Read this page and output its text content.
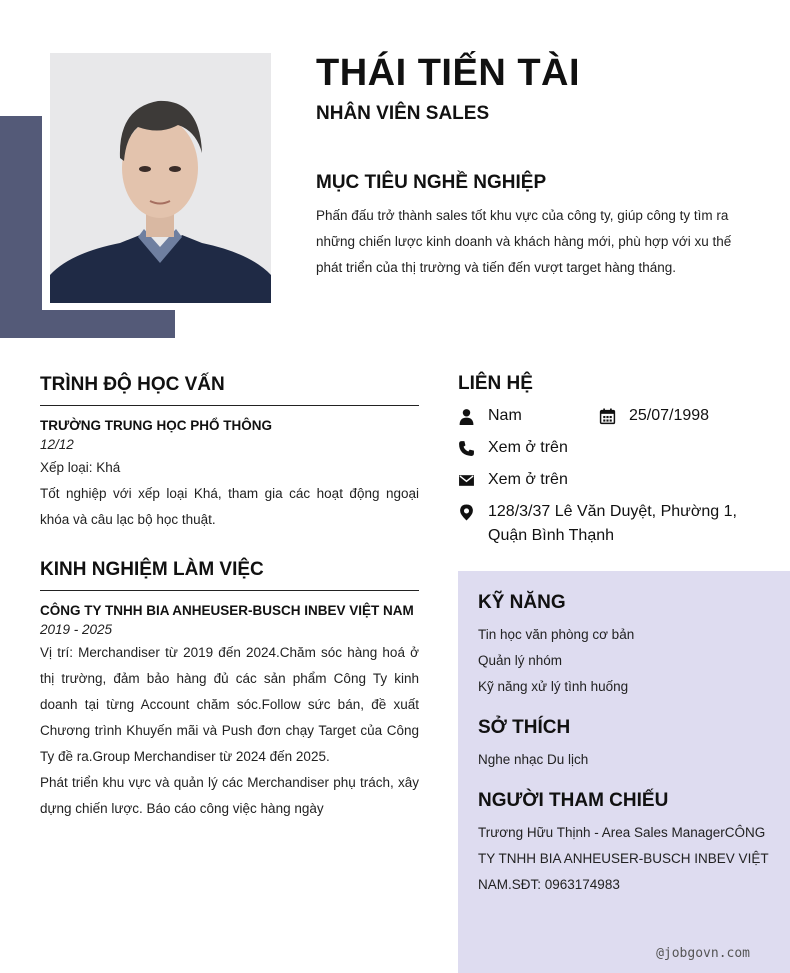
THÁI TIẾN TÀI
NHÂN VIÊN SALES
MỤC TIÊU NGHỀ NGHIỆP
Phấn đấu trở thành sales tốt khu vực của công ty, giúp công ty tìm ra những chiến lược kinh doanh và khách hàng mới, phù hợp với xu thế phát triển của thị trường và tiến đến vượt target hàng tháng.
TRÌNH ĐỘ HỌC VẤN
TRƯỜNG TRUNG HỌC PHỔ THÔNG
12/12
Xếp loại: Khá
Tốt nghiệp với xếp loại Khá, tham gia các hoạt động ngoại khóa và câu lạc bộ học thuật.
KINH NGHIỆM LÀM VIỆC
CÔNG TY TNHH BIA ANHEUSER-BUSCH INBEV VIỆT NAM
2019 - 2025
Vị trí: Merchandiser từ 2019 đến 2024.Chăm sóc hàng hoá ở thị trường, đảm bảo hàng đủ các sản phẩm Công Ty kinh doanh tại từng Account chăm sóc.Follow sức bán, đề xuất Chương trình Khuyến mãi và Push đơn chạy Target của Công Ty đề ra.Group Merchandiser từ 2024 đến 2025.
Phát triển khu vực và quản lý các Merchandiser phụ trách, xây dựng chiến lược. Báo cáo công việc hàng ngày
LIÊN HỆ
Nam	25/07/1998
Xem ở trên
Xem ở trên
128/3/37 Lê Văn Duyệt, Phường 1, Quận Bình Thạnh
KỸ NĂNG
Tin học văn phòng cơ bản
Quản lý nhóm
Kỹ năng xử lý tình huống
SỞ THÍCH
Nghe nhạc Du lịch
NGƯỜI THAM CHIẾU
Trương Hữu Thịnh - Area Sales ManagerCÔNG TY TNHH BIA ANHEUSER-BUSCH INBEV VIỆT NAM.SĐT: 0963174983
@jobgovn.com
